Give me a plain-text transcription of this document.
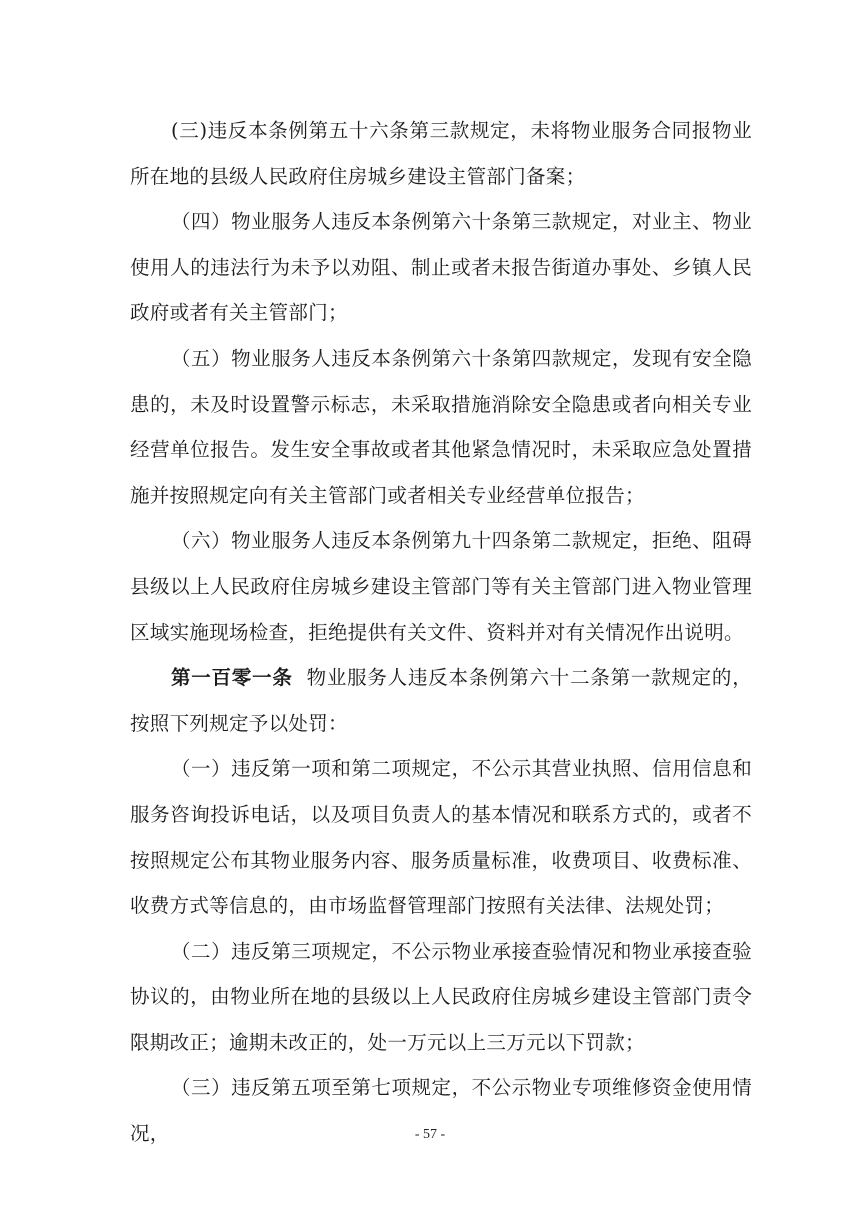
(三)违反本条例第五十六条第三款规定，未将物业服务合同报物业所在地的县级人民政府住房城乡建设主管部门备案；

（四）物业服务人违反本条例第六十条第三款规定，对业主、物业使用人的违法行为未予以劝阻、制止或者未报告街道办事处、乡镇人民政府或者有关主管部门；

（五）物业服务人违反本条例第六十条第四款规定，发现有安全隐患的，未及时设置警示标志，未采取措施消除安全隐患或者向相关专业经营单位报告。发生安全事故或者其他紧急情况时，未采取应急处置措施并按照规定向有关主管部门或者相关专业经营单位报告；

（六）物业服务人违反本条例第九十四条第二款规定，拒绝、阻碍县级以上人民政府住房城乡建设主管部门等有关主管部门进入物业管理区域实施现场检查，拒绝提供有关文件、资料并对有关情况作出说明。

第一百零一条 物业服务人违反本条例第六十二条第一款规定的，按照下列规定予以处罚：

（一）违反第一项和第二项规定，不公示其营业执照、信用信息和服务咨询投诉电话，以及项目负责人的基本情况和联系方式的，或者不按照规定公布其物业服务内容、服务质量标准，收费项目、收费标准、收费方式等信息的，由市场监督管理部门按照有关法律、法规处罚；

（二）违反第三项规定，不公示物业承接查验情况和物业承接查验协议的，由物业所在地的县级以上人民政府住房城乡建设主管部门责令限期改正；逾期未改正的，处一万元以上三万元以下罚款；

（三）违反第五项至第七项规定，不公示物业专项维修资金使用情况，	- 57 -
